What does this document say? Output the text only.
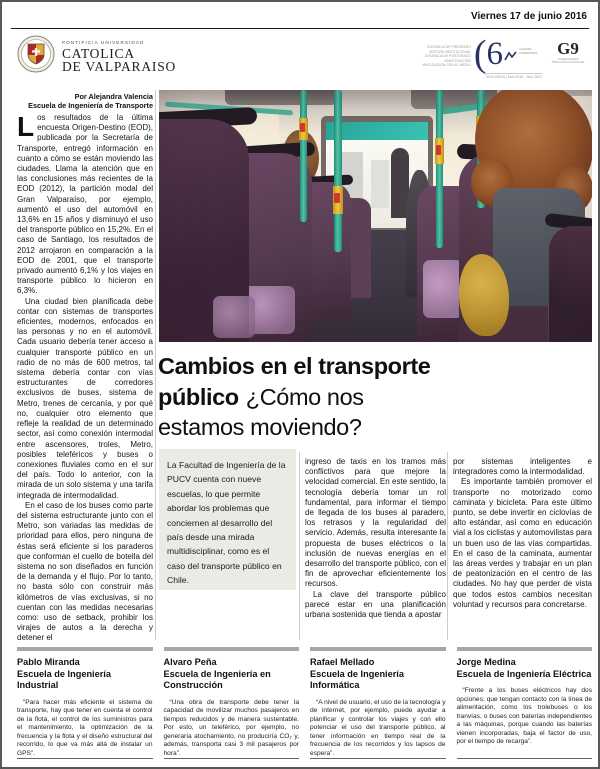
Viernes 17 de junio 2016
PONTIFICIA UNIVERSIDAD
CATOLICA
DE VALPARAISO
DOCENCIA DE PREGRADO
GESTIÓN INSTITUCIONAL
DOCENCIA DE POSTGRADO
INVESTIGACIÓN
VINCULACIÓN CON EL MEDIO ( 6	CALIDAD ACREDITADA
SEIS AÑOS | Nov 2015 - Nov 2021
G9
UNIVERSIDADES PÚBLICAS NO ESTATALES
Por Alejandra Valencia
Escuela de Ingeniería de Transporte

Los resultados de la última encuesta Origen-Destino (EOD), publicada por la Secretaría de Transporte, entregó información en cuanto a cómo se están moviendo las ciudades. Llama la atención que en las conclusiones más recientes de la EOD (2012), la partición modal del Gran Valparaíso, por ejemplo, aumentó el uso del automóvil en 13,6% en 15 años y disminuyó el uso del transporte público en 15,2%. En el caso de Santiago, los resultados de 2012 arrojaron en comparación a la EOD de 2001, que el transporte privado aumentó 6,1% y los viajes en transporte público lo hicieron en 6,3%.

Una ciudad bien planificada debe contar con sistemas de transportes eficientes, modernos, enfocados en las personas y no en el automóvil. Cada usuario debería tener acceso a cualquier transporte público en un radio de no más de 600 metros, tal sistema debería contar con vías estructurantes de corredores exclusivos de buses, sistema de Metro, trenes de cercanía, y por qué no, cualquier otro elemento que refleje la realidad de un determinado sector, así como conexión intermodal entre ascensores, troles, Metro, posibles teleféricos y buses o conexiones fluviales como en el sur del país. Todo lo anterior, con la mirada de un solo sistema y una tarifa integrada de intermodalidad.

En el caso de los buses como parte del sistema estructurante junto con el Metro, son variadas las medidas de prioridad para ellos, pero ninguna de éstas será eficiente si los paraderos que conforman el cuello de botella del sistema no son diseñados en función de la demanda y el flujo. Por lo tanto, no basta sólo con construir más kilómetros de vías exclusivas, si no cuentan con las medidas necesarias como: uso de setback, prohibir los virajes de autos a la derecha y detener el

Cambios en el transporte
público ¿Cómo nos
estamos moviendo?
La Facultad de Ingeniería de la PUCV cuenta con nueve escuelas, lo que permite abordar los problemas que conciernen al desarrollo del país desde una mirada multidisciplinar, como es el caso del transporte público en Chile.

ingreso de taxis en los tramos más conflictivos para que mejore la velocidad comercial. En este sentido, la tecnología debería tomar un rol fundamental, para informar el tiempo de llegada de los buses al paradero, los retrasos y la regularidad del servicio. Además, resulta interesante la propuesta de buses eléctricos o la inclusión de nuevas energías en el desarrollo del transporte público, con el fin de aprovechar eficientemente los recursos.

La clave del transporte público parece estar en una planificación urbana sostenida que tienda a apostar

por sistemas inteligentes e integradores como la intermodalidad.

Es importante también promover el transporte no motorizado como caminata y bicicleta. Para este último punto, se debe invertir en ciclovías de alto estándar, así como en educación vial a los ciclistas y automovilistas para un buen uso de las vías compartidas. En el caso de la caminata, aumentar las áreas verdes y trabajar en un plan de peatonización en el centro de las ciudades. No hay que perder de vista que todos estos cambios necesitan voluntad y recursos para concretarse.

Pablo Miranda
Escuela de Ingeniería Industrial
“Para hacer más eficiente el sistema de transporte, hay que tener en cuenta el control de la flota, el control de los suministros para el mantenimiento, la optimización de la frecuencia y la flota y el diseño estructural del recorrido, lo que va más allá de instalar un GPS”.
Alvaro Peña
Escuela de Ingeniería en Construcción
“Una obra de transporte debe tener la capacidad de movilizar muchos pasajeros en tiempos reducidos y de manera sustentable. Por esto, un teleférico, por ejemplo, no generaría atochamiento, no produciría CO₂ y, además, transporta casi 3 mil pasajeros por hora”.
Rafael Mellado
Escuela de Ingeniería Informática
“A nivel de usuario, el uso de la tecnología y de internet, por ejemplo, puede ayudar a planificar y controlar los viajes y con ello potenciar el uso del transporte público, al tener información en tiempo real de la frecuencia de los recorridos y los lapsos de espera”.
Jorge Medina
Escuela de Ingeniería Eléctrica
“Frente a los buses eléctricos hay dos opciones: que tengan contacto con la línea de alimentación, como los trolebuses o los tranvías, o buses con baterías independientes a las máquinas, porque cuando las baterías vienen incorporadas, baja el factor de uso, por el tiempo de recarga”.
